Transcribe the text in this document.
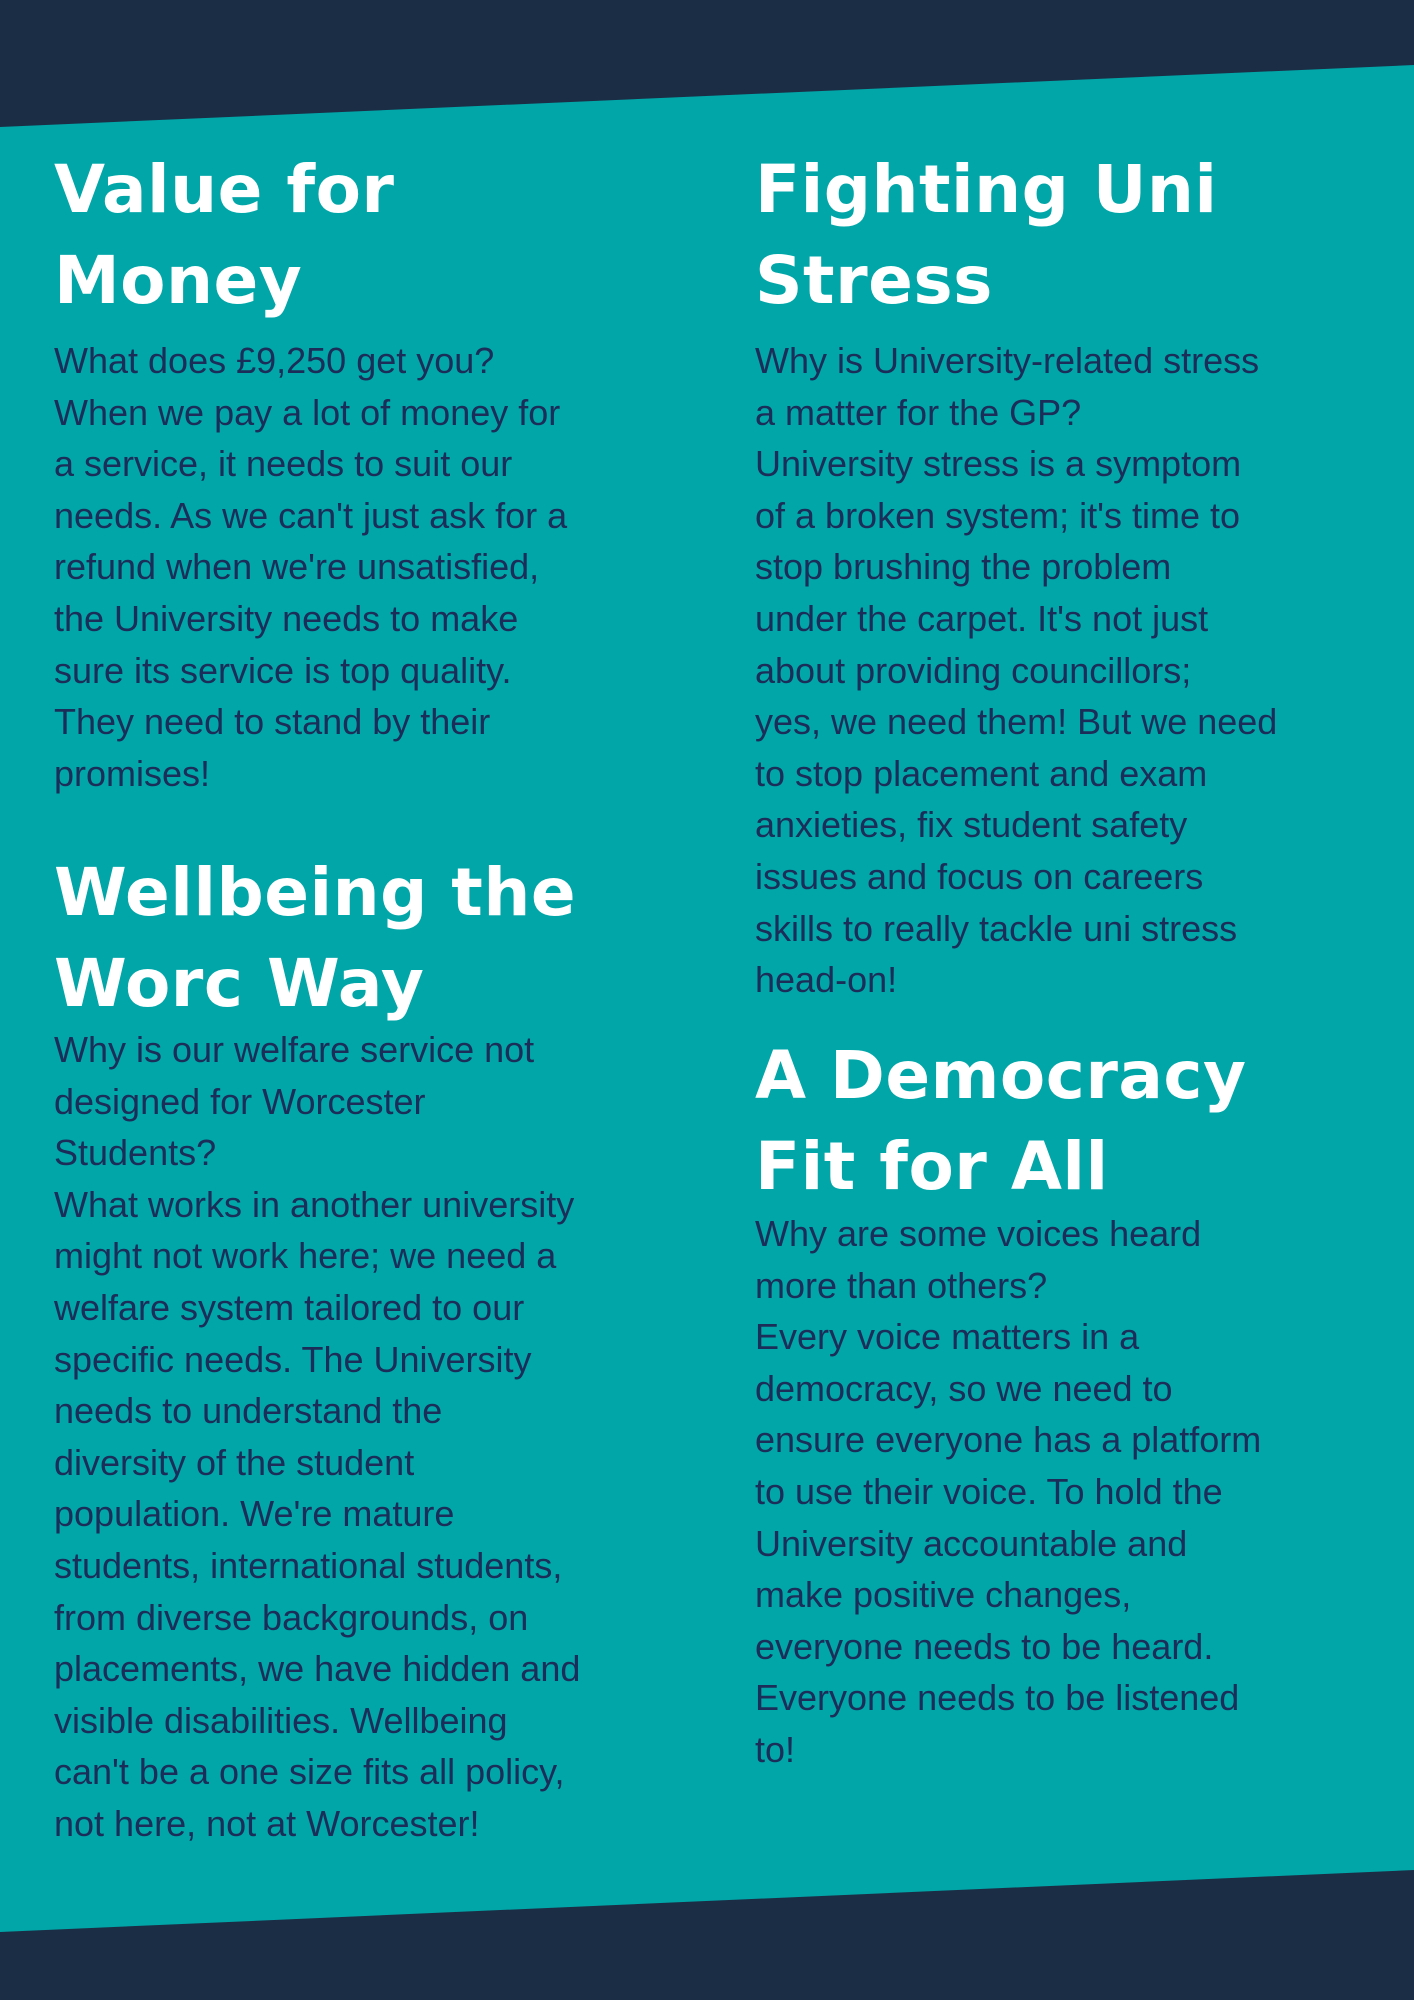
Value for
Money
What does £9,250 get you?
When we pay a lot of money for
a service, it needs to suit our
needs. As we can't just ask for a
refund when we're unsatisfied,
the University needs to make
sure its service is top quality.
They need to stand by their
promises!
Wellbeing the
Worc Way
Why is our welfare service not
designed for Worcester
Students?
What works in another university
might not work here; we need a
welfare system tailored to our
specific needs. The University
needs to understand the
diversity of the student
population. We're mature
students, international students,
from diverse backgrounds, on
placements, we have hidden and
visible disabilities. Wellbeing
can't be a one size fits all policy,
not here, not at Worcester!
Fighting Uni
Stress
Why is University-related stress
a matter for the GP?
University stress is a symptom
of a broken system; it's time to
stop brushing the problem
under the carpet. It's not just
about providing councillors;
yes, we need them! But we need
to stop placement and exam
anxieties, fix student safety
issues and focus on careers
skills to really tackle uni stress
head-on!
A Democracy
Fit for All
Why are some voices heard
more than others?
Every voice matters in a
democracy, so we need to
ensure everyone has a platform
to use their voice. To hold the
University accountable and
make positive changes,
everyone needs to be heard.
Everyone needs to be listened
to!
